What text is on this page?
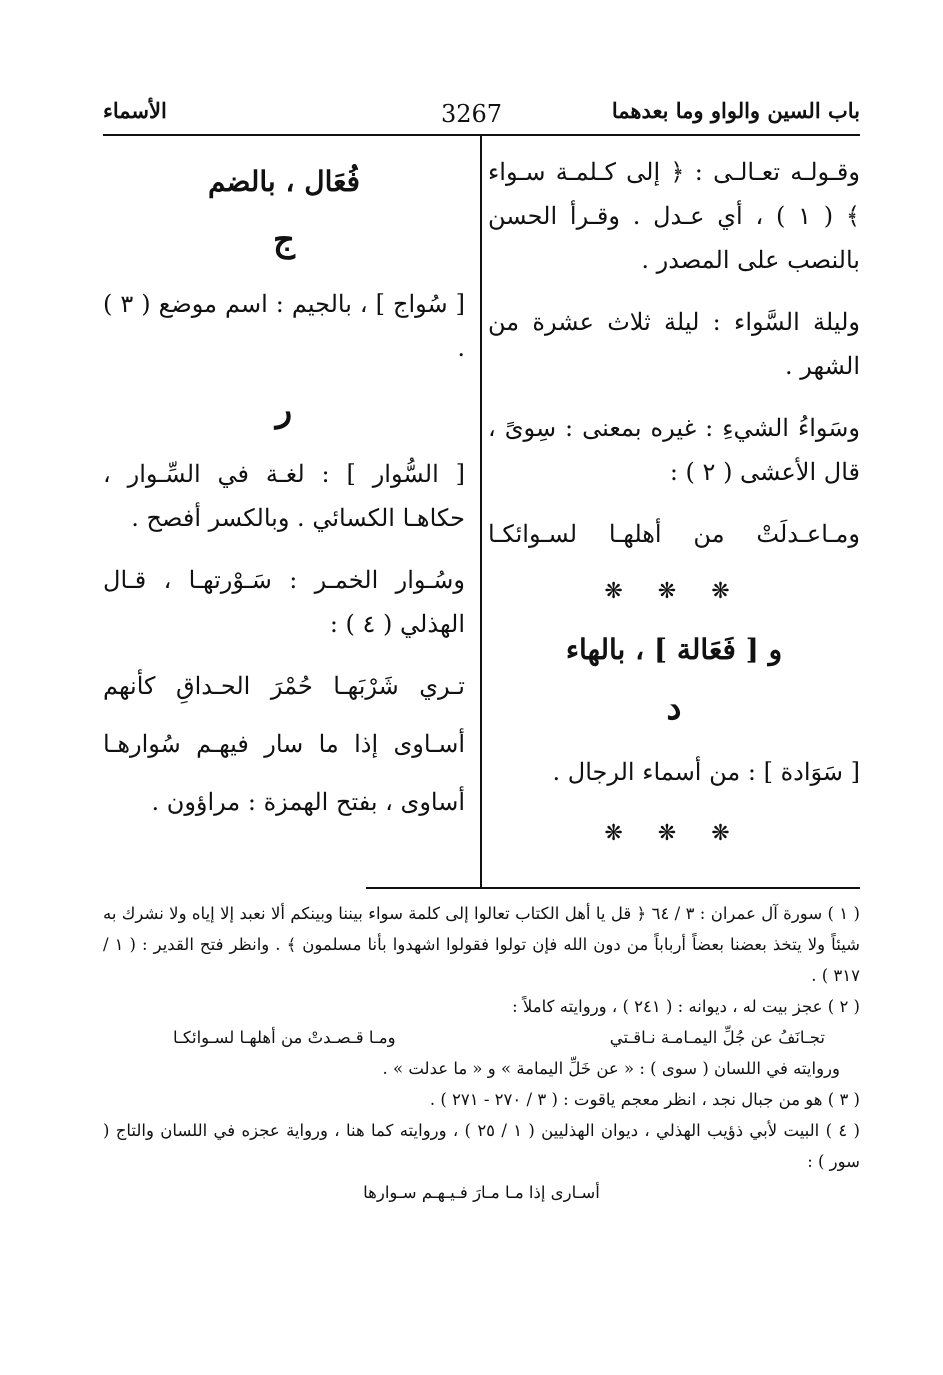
باب السين والواو وما بعدهما
3267
الأسماء

وقـولـه تعـالـى : ﴿ إلى كـلمـة سـواء ﴾ ( ١ ) ، أي عـدل . وقـرأ الحسن بالنصب على المصدر .

وليلة السَّواء : ليلة ثلاث عشرة من الشهر .

وسَواءُ الشيءِ : غيره بمعنى : سِوىً ، قال الأعشى ( ٢ ) :

ومـاعـدلَتْ من أهلهـا لسـوائكـا

❋ ❋ ❋
و [ فَعَالة ] ، بالهاء
د

[ سَوَادة ] : من أسماء الرجال .

❋ ❋ ❋
فُعَال ، بالضم
ج

[ سُواج ] ، بالجيم : اسم موضع ( ٣ ) .

ر

[ السُّوار ] : لغـة في السِّـوار ، حكاهـا الكسائي . وبالكسر أفصح .

وسُـوار الخمـر : سَـوْرتهـا ، قـال الهذلي ( ٤ ) :

تـري شَرْبَهـا حُمْرَ الحـداقِ كأنهم

أسـاوى إذا ما سار فيهـم سُوارهـا

أساوى ، بفتح الهمزة : مراؤون .

( ١ ) سورة آل عمران : ٣ / ٦٤ ﴿ قل يا أهل الكتاب تعالوا إلى كلمة سواء بيننا وبينكم ألا نعبد إلا إياه ولا نشرك به شيئاً ولا يتخذ بعضنا بعضاً أرباباً من دون الله فإن تولوا فقولوا اشهدوا بأنا مسلمون ﴾ . وانظر فتح القدير : ( ١ / ٣١٧ ) .

( ٢ ) عجز بيت له ، ديوانه : ( ٢٤١ ) ، وروايته كاملاً :

تجـانَفُ عن جُلِّ اليمـامـة نـاقـتي
ومـا قـصـدتْ من أهلهـا لسـوائكـا

وروايته في اللسان ( سوى ) : « عن خَلِّ اليمامة » و « ما عدلت » .

( ٣ ) هو من جبال نجد ، انظر معجم ياقوت : ( ٣ / ٢٧٠ - ٢٧١ ) .

( ٤ ) البيت لأبي ذؤيب الهذلي ، ديوان الهذليين ( ١ / ٢٥ ) ، وروايته كما هنا ، ورواية عجزه في اللسان والتاج ( سور ) :

أسـارى إذا مـا مـارَ فـيـهـم سـوارها
